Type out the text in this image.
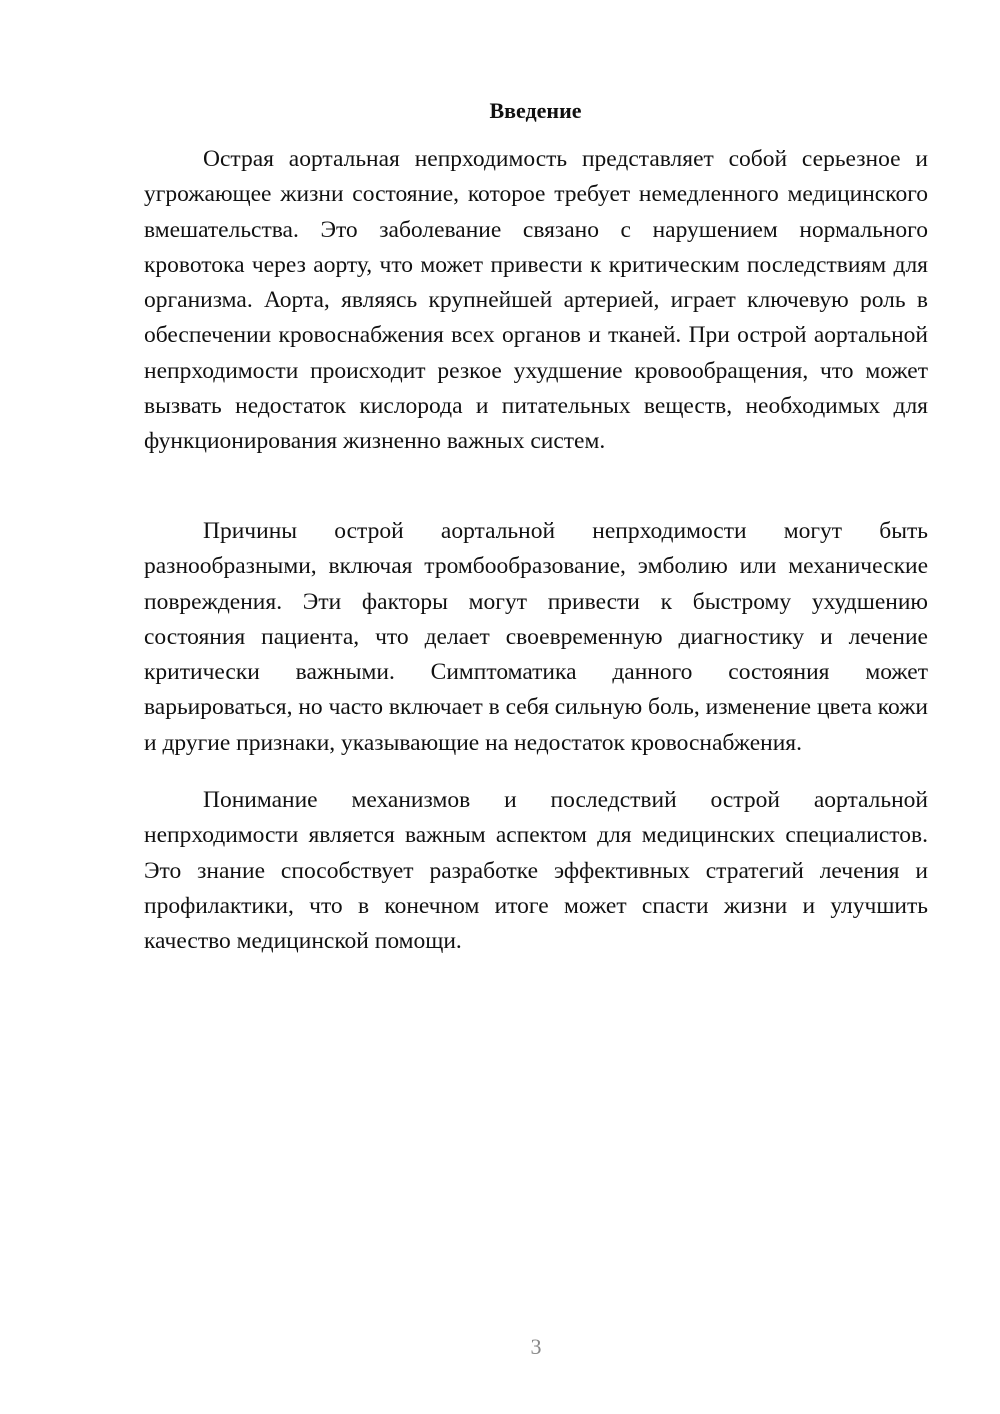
Введение

Острая аортальная непрходимость представляет собой серьезное и угрожающее жизни состояние, которое требует немедленного медицинского вмешательства. Это заболевание связано с нарушением нормального кровотока через аорту, что может привести к критическим последствиям для организма. Аорта, являясь крупнейшей артерией, играет ключевую роль в обеспечении кровоснабжения всех органов и тканей. При острой аортальной непрходимости происходит резкое ухудшение кровообращения, что может вызвать недостаток кислорода и питательных веществ, необходимых для функционирования жизненно важных систем.

Причины острой аортальной непрходимости могут быть разнообразными, включая тромбообразование, эмболию или механические повреждения. Эти факторы могут привести к быстрому ухудшению состояния пациента, что делает своевременную диагностику и лечение критически важными. Симптоматика данного состояния может варьироваться, но часто включает в себя сильную боль, изменение цвета кожи и другие признаки, указывающие на недостаток кровоснабжения.

Понимание механизмов и последствий острой аортальной непрходимости является важным аспектом для медицинских специалистов. Это знание способствует разработке эффективных стратегий лечения и профилактики, что в конечном итоге может спасти жизни и улучшить качество медицинской помощи.

3
